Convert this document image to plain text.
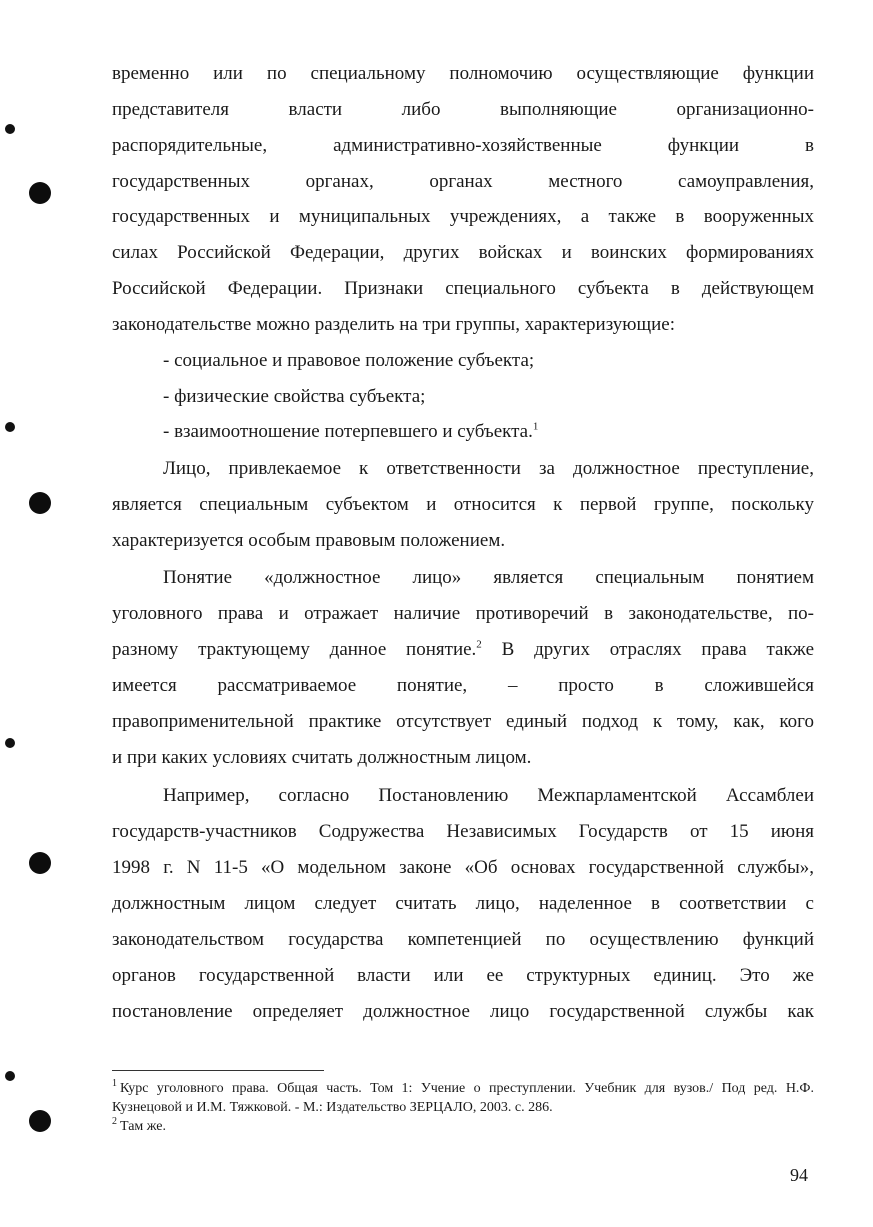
временно или по специальному полномочию осуществляющие функции
представителя власти либо выполняющие организационно-
распорядительные, административно-хозяйственные функции в
государственных органах, органах местного самоуправления,
государственных и муниципальных учреждениях, а также в вооруженных
силах Российской Федерации, других войсках и воинских формированиях
Российской Федерации. Признаки специального субъекта в действующем
законодательстве можно разделить на три группы, характеризующие:
- социальное и правовое положение субъекта;
- физические свойства субъекта;
- взаимоотношение потерпевшего и субъекта.$^1$
Лицо, привлекаемое к ответственности за должностное преступление,
является специальным субъектом и относится к первой группе, поскольку
характеризуется особым правовым положением.
Понятие «должностное лицо» является специальным понятием
уголовного права и отражает наличие противоречий в законодательстве, по-
разному трактующему данное понятие.$^2$ В других отраслях права также
имеется рассматриваемое понятие, – просто в сложившейся
правоприменительной практике отсутствует единый подход к тому, как, кого
и при каких условиях считать должностным лицом.
Например, согласно Постановлению Межпарламентской Ассамблеи
государств-участников Содружества Независимых Государств от 15 июня
1998 г. N 11-5 «О модельном законе «Об основах государственной службы»,
должностным лицом следует считать лицо, наделенное в соответствии с
законодательством государства компетенцией по осуществлению функций
органов государственной власти или ее структурных единиц. Это же
постановление определяет должностное лицо государственной службы как
$^1$ Курс уголовного права. Общая часть. Том 1: Учение о преступлении. Учебник для вузов./ Под ред. Н.Ф.
Кузнецовой и И.М. Тяжковой. - М.: Издательство ЗЕРЦАЛО, 2003. с. 286.
$^2$ Там же.
94
